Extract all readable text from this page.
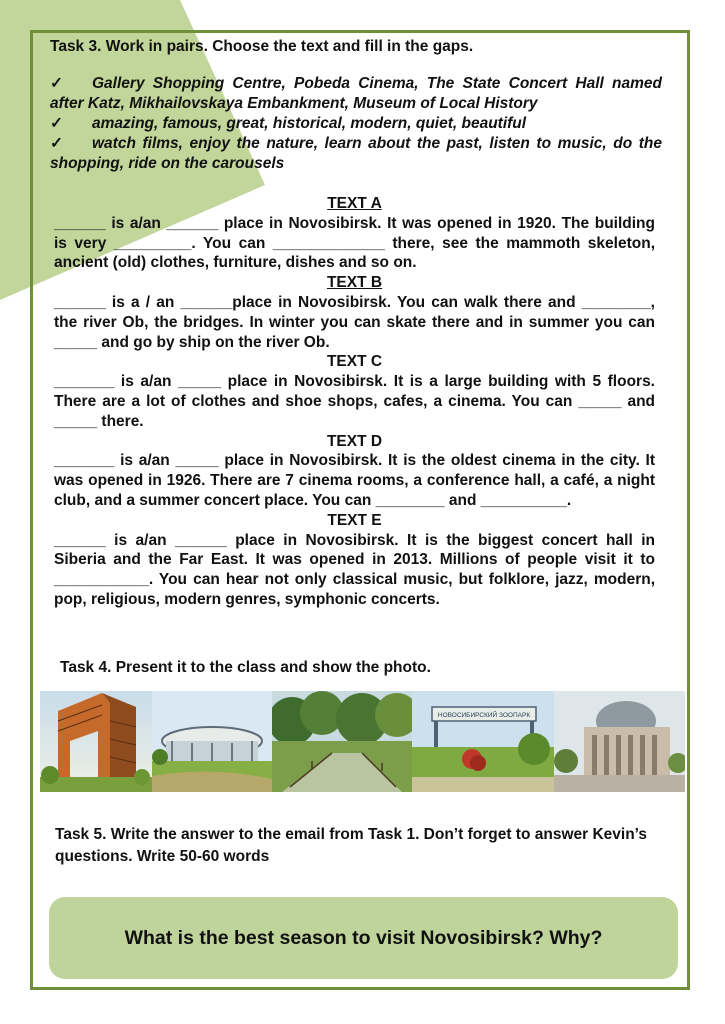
Task 3. Work in pairs. Choose the text and fill in the gaps.

✓ Gallery Shopping Centre, Pobeda Cinema, The State Concert Hall named after Katz, Mikhailovskaya Embankment, Museum of Local History

✓ amazing, famous, great, historical, modern, quiet, beautiful

✓ watch films, enjoy the nature, learn about the past, listen to music, do the shopping, ride on the carousels

TEXT A

______ is a/an ______ place in Novosibirsk. It was opened in 1920. The building is very _________. You can _____________ there, see the mammoth skeleton, ancient (old) clothes, furniture, dishes and so on.

TEXT B

______ is a / an ______place in Novosibirsk. You can walk there and ________, the river Ob, the bridges. In winter you can skate there and in summer you can _____ and go by ship on the river Ob.

TEXT C

_______ is a/an _____ place in Novosibirsk. It is a large building with 5 floors. There are a lot of clothes and shoe shops, cafes, a cinema. You can _____ and _____ there.

TEXT D

_______ is a/an _____ place in Novosibirsk. It is the oldest cinema in the city. It was opened in 1926. There are 7 cinema rooms, a conference hall, a café, a night club, and a summer concert place. You can ________ and __________.

TEXT E

______ is a/an ______ place in Novosibirsk. It is the biggest concert hall in Siberia and the Far East. It was opened in 2013. Millions of people visit it to ___________. You can hear not only classical music, but folklore, jazz, modern, pop, religious, modern genres, symphonic concerts.

Task 4. Present it to the class and show the photo.
НОВОСИБИРСКИЙ ЗООПАРК
Task 5. Write the answer to the email from Task 1. Don’t forget to answer Kevin’s questions. Write 50-60 words
What is the best season to visit Novosibirsk? Why?
